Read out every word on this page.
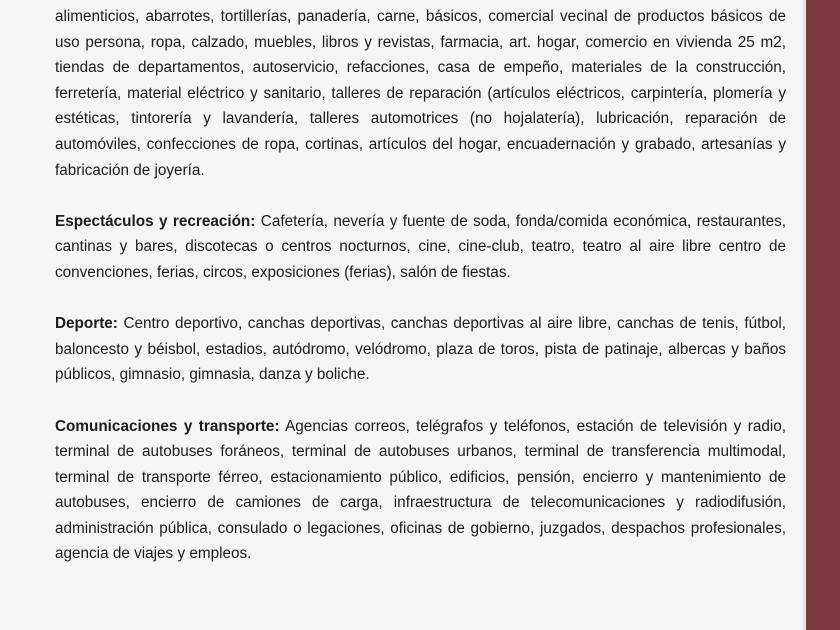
alimenticios, abarrotes, tortillerías, panadería, carne, básicos, comercial vecinal de productos básicos de uso persona, ropa, calzado, muebles, libros y revistas, farmacia, art. hogar, comercio en vivienda 25 m2, tiendas de departamentos, autoservicio, refacciones, casa de empeño, materiales de la construcción, ferretería, material eléctrico y sanitario, talleres de reparación (artículos eléctricos, carpintería, plomería y estéticas, tintorería y lavandería, talleres automotrices (no hojalatería), lubricación, reparación de automóviles, confecciones de ropa, cortinas, artículos del hogar, encuadernación y grabado, artesanías y fabricación de joyería.

Espectáculos y recreación: Cafetería, nevería y fuente de soda, fonda/comida económica, restaurantes, cantinas y bares, discotecas o centros nocturnos, cine, cine-club, teatro, teatro al aire libre centro de convenciones, ferias, circos, exposiciones (ferias), salón de fiestas.

Deporte: Centro deportivo, canchas deportivas, canchas deportivas al aire libre, canchas de tenis, fútbol, baloncesto y béisbol, estadios, autódromo, velódromo, plaza de toros, pista de patinaje, albercas y baños públicos, gimnasio, gimnasia, danza y boliche.

Comunicaciones y transporte: Agencias correos, telégrafos y teléfonos, estación de televisión y radio, terminal de autobuses foráneos, terminal de autobuses urbanos, terminal de transferencia multimodal, terminal de transporte férreo, estacionamiento público, edificios, pensión, encierro y mantenimiento de autobuses, encierro de camiones de carga, infraestructura de telecomunicaciones y radiodifusión, administración pública, consulado o legaciones, oficinas de gobierno, juzgados, despachos profesionales, agencia de viajes y empleos.
